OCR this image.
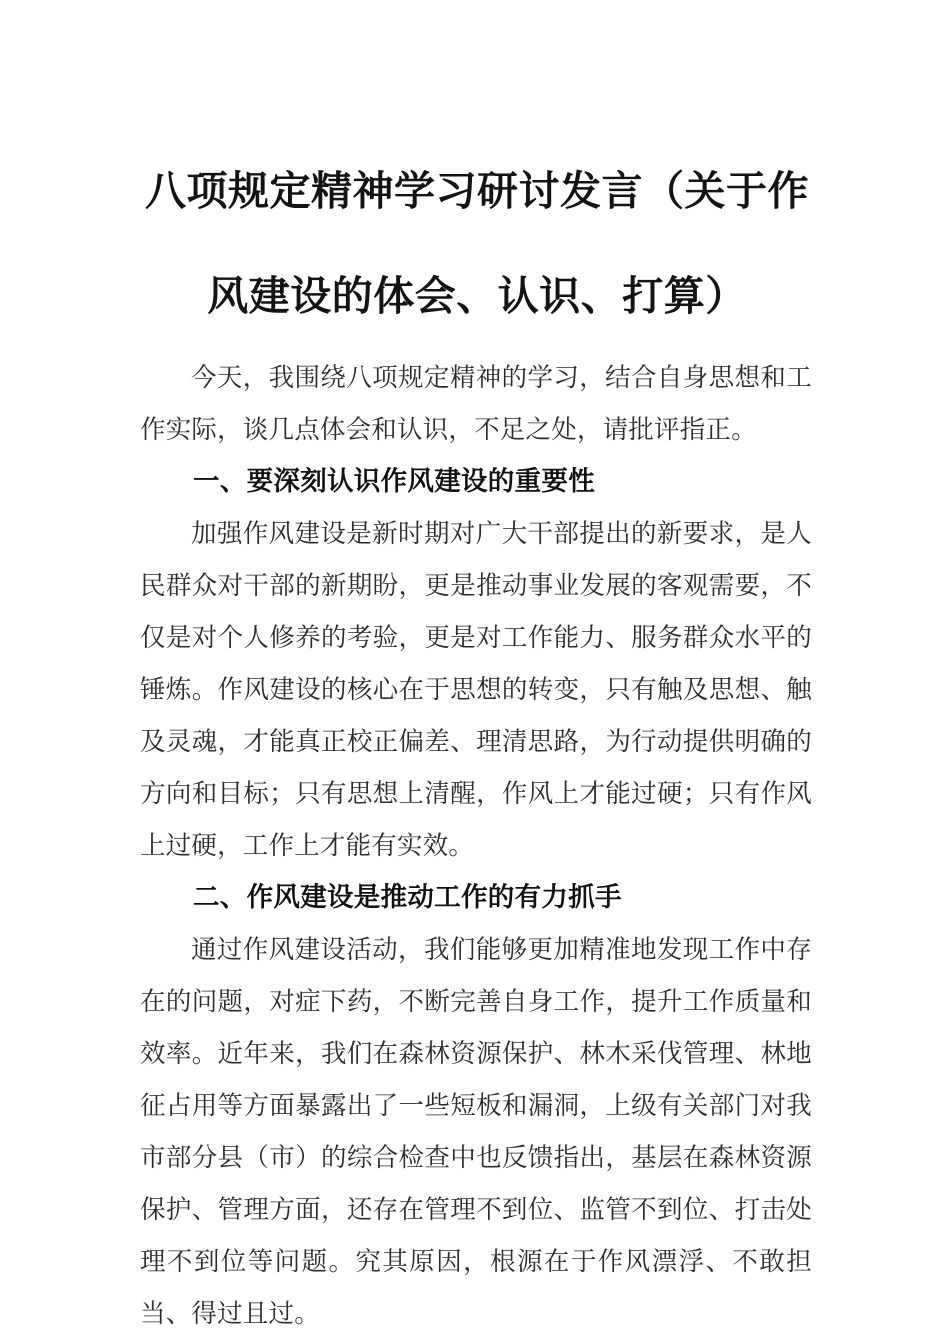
八项规定精神学习研讨发言（关于作风建设的体会、认识、打算）

今天，我围绕八项规定精神的学习，结合自身思想和工作实际，谈几点体会和认识，不足之处，请批评指正。

一、要深刻认识作风建设的重要性

加强作风建设是新时期对广大干部提出的新要求，是人民群众对干部的新期盼，更是推动事业发展的客观需要，不仅是对个人修养的考验，更是对工作能力、服务群众水平的锤炼。作风建设的核心在于思想的转变，只有触及思想、触及灵魂，才能真正校正偏差、理清思路，为行动提供明确的方向和目标；只有思想上清醒，作风上才能过硬；只有作风上过硬，工作上才能有实效。

二、作风建设是推动工作的有力抓手

通过作风建设活动，我们能够更加精准地发现工作中存在的问题，对症下药，不断完善自身工作，提升工作质量和效率。近年来，我们在森林资源保护、林木采伐管理、林地征占用等方面暴露出了一些短板和漏洞，上级有关部门对我市部分县（市）的综合检查中也反馈指出，基层在森林资源保护、管理方面，还存在管理不到位、监管不到位、打击处理不到位等问题。究其原因，根源在于作风漂浮、不敢担当、得过且过。
